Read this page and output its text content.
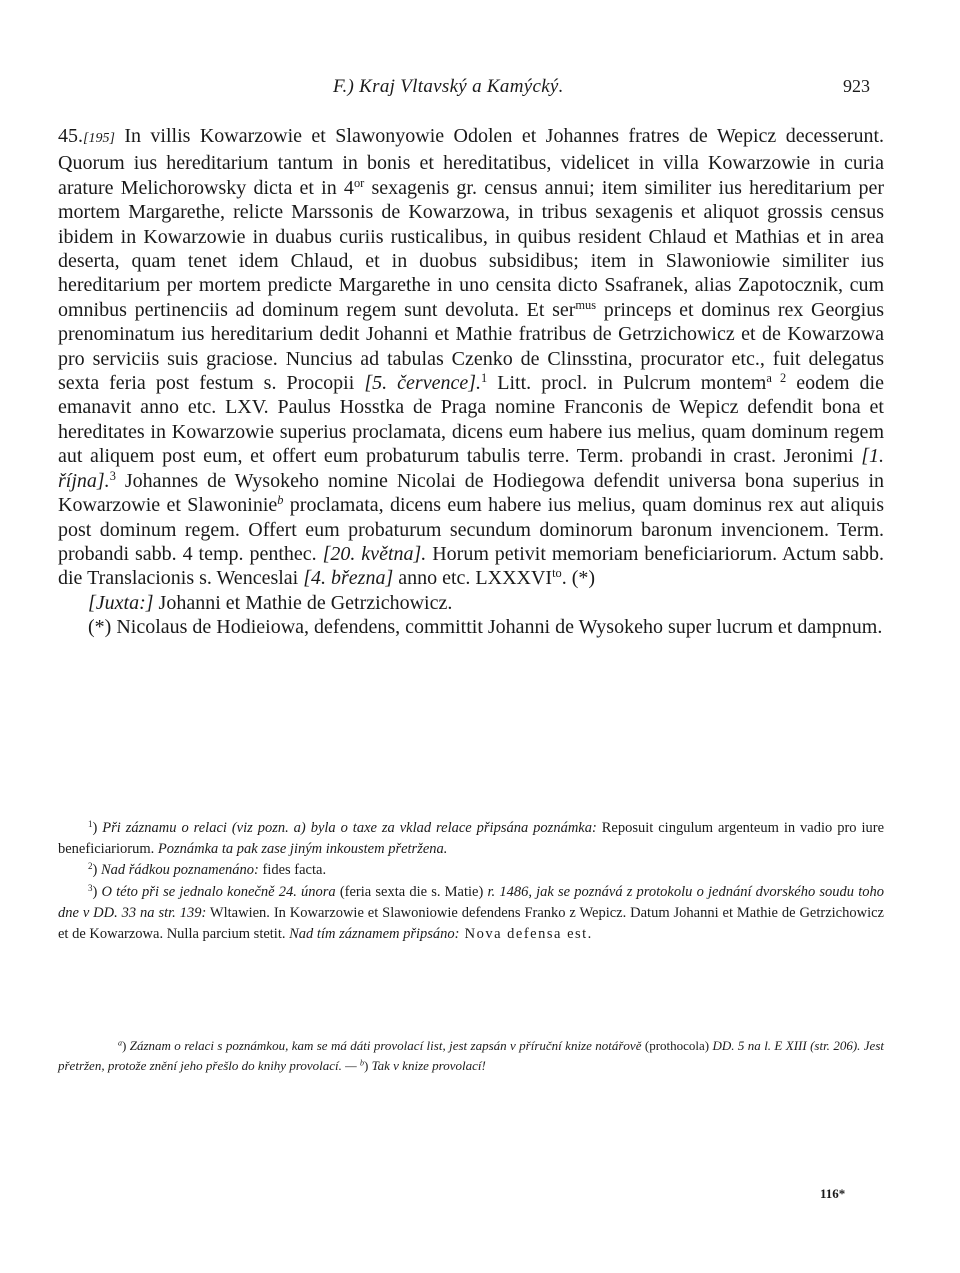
F.) Kraj Vltavský a Kamýcký.	923

45.[195] In villis Kowarzowie et Slawonyowie Odolen et Johannes fratres de Wepicz decesserunt. Quorum ius hereditarium tantum in bonis et hereditatibus, videlicet in villa Kowarzowie in curia arature Melichorowsky dicta et in $4^{or}$ sexagenis gr. census annui; item similiter ius hereditarium per mortem Margarethe, relicte Marssonis de Kowarzowa, in tribus sexagenis et aliquot grossis census ibidem in Kowarzowie in duabus curiis rusticalibus, in quibus resident Chlaud et Mathias et in area deserta, quam tenet idem Chlaud, et in duobus subsidibus; item in Slawoniowie similiter ius hereditarium per mortem predicte Margarethe in uno censita dicto Ssafranek, alias Zapotocznik, cum omnibus pertinenciis ad dominum regem sunt devoluta. Et ser$^{mus}$ princeps et dominus rex Georgius prenominatum ius hereditarium dedit Johanni et Mathie fratribus de Getrzichowicz et de Kowarzowa pro serviciis suis graciose. Nuncius ad tabulas Czenko de Clinsstina, procurator etc., fuit delegatus sexta feria post festum s. Procopii [5. července].$^1$ Litt. procl. in Pulcrum montem$^{a 2}$ eodem die emanavit anno etc. LXV. Paulus Hosstka de Praga nomine Franconis de Wepicz defendit bona et hereditates in Kowarzowie superius proclamata, dicens eum habere ius melius, quam dominum regem aut aliquem post eum, et offert eum probaturum tabulis terre. Term. probandi in crast. Jeronimi [1. října].$^3$ Johannes de Wysokeho nomine Nicolai de Hodiegowa defendit universa bona superius in Kowarzowie et Slawoninie$^b$ proclamata, dicens eum habere ius melius, quam dominus rex aut aliquis post dominum regem. Offert eum probaturum secundum dominorum baronum invencionem. Term. probandi sabb. 4 temp. penthec. [20. května]. Horum petivit memoriam beneficiariorum. Actum sabb. die Translacionis s. Wenceslai [4. března] anno etc. $LXXXVI^{to}$. (*)

[Juxta:] Johanni et Mathie de Getrzichowicz.

(*) Nicolaus de Hodieiowa, defendens, committit Johanni de Wysokeho super lucrum et dampnum.

$^1$) Při záznamu o relaci (viz pozn. a) byla o taxe za vklad relace připsána poznámka: Reposuit cingulum argenteum in vadio pro iure beneficiariorum. Poznámka ta pak zase jiným inkoustem přetržena.

$^2$) Nad řádkou poznamenáno: fides facta.

$^3$) O této při se jednalo konečně 24. února (feria sexta die s. Matie) r. 1486, jak se poznává z protokolu o jednání dvorského soudu toho dne v DD. 33 na str. 139: Wltawien. In Kowarzowie et Slawoniowie defendens Franko z Wepicz. Datum Johanni et Mathie de Getrzichowicz et de Kowarzowa. Nulla parcium stetit. Nad tím záznamem připsáno: Nova defensa est.

$^a$) Záznam o relaci s poznámkou, kam se má dáti provolací list, jest zapsán v příruční knize notářově (prothocola) DD. 5 na l. E XIII (str. 206). Jest přetržen, protože znění jeho přešlo do knihy provolací. — $^b$) Tak v knize provolací!

116*
